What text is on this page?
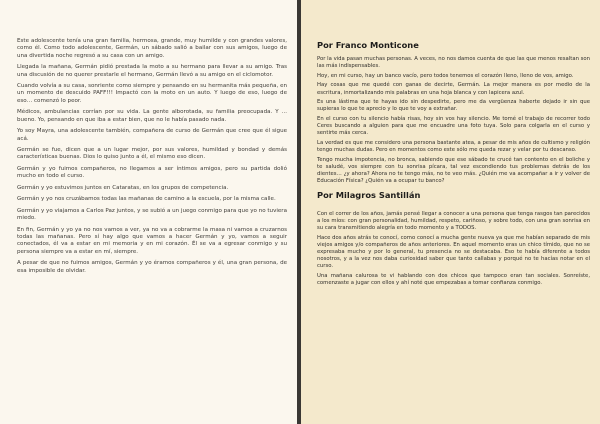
Este adolescente tenía una gran familia, hermosa, grande, muy humilde y con grandes valores, como él. Como todo adolescente, Germán, un sábado salió a bailar con sus amigos, luego de una divertida noche regresó a su casa con un amigo.

Llegada la mañana, Germán pidió prestada la moto a su hermano para llevar a su amigo. Tras una discusión de no querer prestarle el hermano, Germán llevó a su amigo en el ciclomotor.

Cuando volvía a su casa, sonriente como siempre y pensando en su hermanita más pequeña, en un momento de descuido PAFF!!! Impactó con la moto en un auto. Y luego de eso, luego de eso… comenzó lo peor.

Médicos, ambulancias corrían por su vida. La gente alborotada, su familia preocupada. Y ... bueno. Yo, pensando en que iba a estar bien, que no le había pasado nada.

Yo soy Mayra, una adolescente también, compañera de curso de Germán que cree que él sigue acá.

Germán se fue, dicen que a un lugar mejor, por sus valores, humildad y bondad y demás características buenas. Dios lo quiso junto a él, el mismo eso dicen.

Germán y yo fuimos compañeros, no llegamos a ser íntimos amigos, pero su partida dolió mucho en todo el curso.

Germán y yo estuvimos juntos en Cataratas, en los grupos de competencia.

Germán y yo nos cruzábamos todas las mañanas de camino a la escuela, por la misma calle.

Germán y yo viajamos a Carlos Paz juntos, y se subió a un juego conmigo para que yo no tuviera miedo.

En fin, Germán y yo ya no nos vamos a ver, ya no va a cobrarme la masa ni vamos a cruzarnos todas las mañanas. Pero sí hay algo que vamos a hacer Germán y yo, vamos a seguir conectados, él va a estar en mi memoria y en mi corazón. Él se va a egresar conmigo y su persona siempre va a estar en mí, siempre.

A pesar de que no fuimos amigos, Germán y yo éramos compañeros y él, una gran persona, de esa imposible de olvidar.

Por Franco Monticone

Por la vida pasan muchas personas. A veces, no nos damos cuenta de que las que menos resaltan son las más indispensables.

Hoy, en mi curso, hay un banco vacío, pero todos tenemos el corazón lleno, lleno de vos, amigo.

Hay cosas que me quedé con ganas de decirte, Germán. La mejor manera es por medio de la escritura, inmortalizando mis palabras en una hoja blanca y con lapicera azul.

Es una lástima que te hayas ido sin despedirte, pero me da vergüenza haberte dejado ir sin que supieras lo que te aprecio y lo que te voy a extrañar.

En el curso con tu silencio había risas, hoy sin vos hay silencio. Me tomé el trabajo de recorrer todo Ceres buscando a alguien para que me encuadre una foto tuya. Solo para colgarla en el curso y sentirte más cerca.

La verdad es que me considero una persona bastante atea, a pesar de mis años de cultismo y religión tengo muchas dudas. Pero en momentos como este sólo me queda rezar y velar por tu descanso.

Tengo mucha impotencia, no bronca, sabiendo que ese sábado te crucé tan contento en el boliche y te saludé, vos siempre con tu sonrisa pícara, tal vez escondiendo tus problemas detrás de los dientes… ¿y ahora? Ahora no te tengo más, no te veo más. ¿Quién me va acompañar a ir y volver de Educación Física? ¿Quién va a ocupar tu banco?

Por Milagros Santillán

Con el correr de los años, jamás pensé llegar a conocer a una persona que tenga rasgos tan parecidos a los míos: con gran personalidad, humildad, respeto, cariñoso, y sobre todo, con una gran sonrisa en su cara transmitiendo alegría en todo momento y a TODOS.

Hace dos años atrás te conocí, como conocí a mucha gente nueva ya que me habían separado de mis viejos amigos y/o compañeros de años anteriores. En aquel momento eras un chico tímido, que no se expresaba mucho y por lo general, tu presencia no se destacaba. Eso te había diferente a todos nosotros, y a la vez nos daba curiosidad saber que tanto callabas y porqué no te hacías notar en el curso.

Una mañana calurosa te vi hablando con dos chicos que tampoco eran tan sociales. Sonreíste, comenzaste a jugar con ellos y ahí noté que empezabas a tomar confianza conmigo.
